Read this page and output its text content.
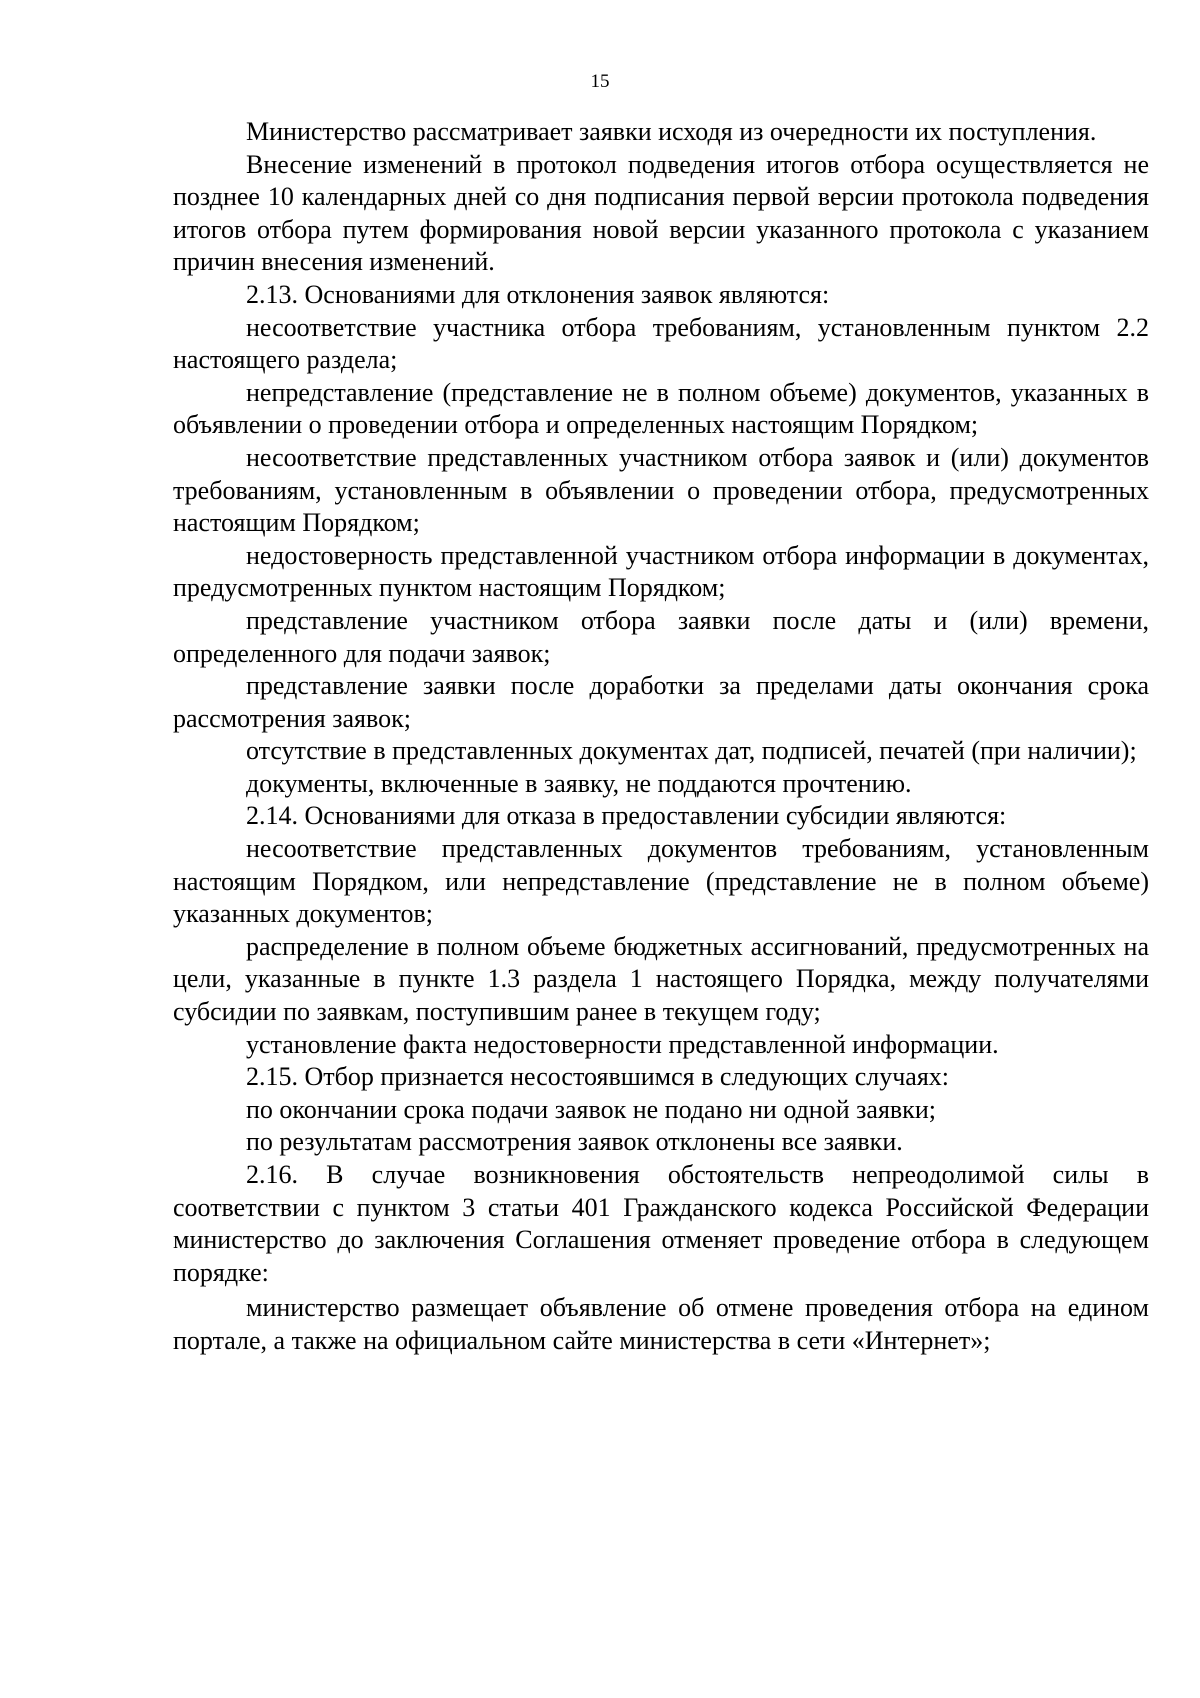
15

Министерство рассматривает заявки исходя из очередности их поступления.

Внесение изменений в протокол подведения итогов отбора осуществляется не позднее 10 календарных дней со дня подписания первой версии протокола подведения итогов отбора путем формирования новой версии указанного протокола с указанием причин внесения изменений.

2.13. Основаниями для отклонения заявок являются:

несоответствие участника отбора требованиям, установленным пунктом 2.2 настоящего раздела;

непредставление (представление не в полном объеме) документов, указанных в объявлении о проведении отбора и определенных настоящим Порядком;

несоответствие представленных участником отбора заявок и (или) документов требованиям, установленным в объявлении о проведении отбора, предусмотренных настоящим Порядком;

недостоверность представленной участником отбора информации в документах, предусмотренных пунктом настоящим Порядком;

представление участником отбора заявки после даты и (или) времени, определенного для подачи заявок;

представление заявки после доработки за пределами даты окончания срока рассмотрения заявок;

отсутствие в представленных документах дат, подписей, печатей (при наличии);

документы, включенные в заявку, не поддаются прочтению.

2.14. Основаниями для отказа в предоставлении субсидии являются:

несоответствие представленных документов требованиям, установленным настоящим Порядком, или непредставление (представление не в полном объеме) указанных документов;

распределение в полном объеме бюджетных ассигнований, предусмотренных на цели, указанные в пункте 1.3 раздела 1 настоящего Порядка, между получателями субсидии по заявкам, поступившим ранее в текущем году;

установление факта недостоверности представленной информации.

2.15. Отбор признается несостоявшимся в следующих случаях:

по окончании срока подачи заявок не подано ни одной заявки;

по результатам рассмотрения заявок отклонены все заявки.

2.16. В случае возникновения обстоятельств непреодолимой силы в соответствии с пунктом 3 статьи 401 Гражданского кодекса Российской Федерации министерство до заключения Соглашения отменяет проведение отбора в следующем порядке:

министерство размещает объявление об отмене проведения отбора на едином портале, а также на официальном сайте министерства в сети «Интернет»;
